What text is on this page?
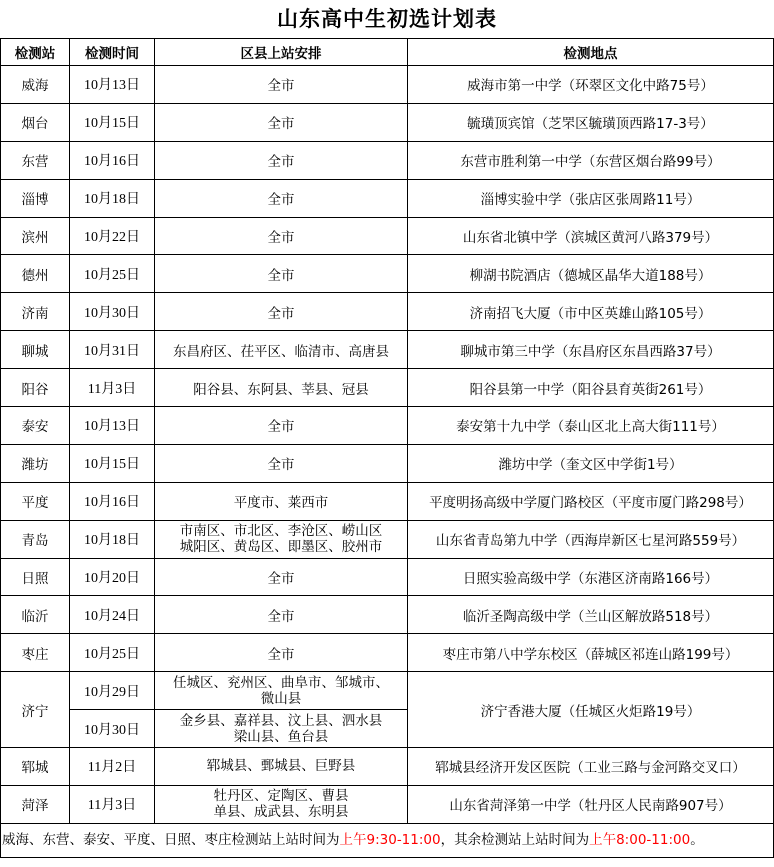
山东高中生初选计划表
检测站	检测时间	区县上站安排	检测地点
威海	10月13日	全市	威海市第一中学（环翠区文化中路75号）
烟台	10月15日	全市	毓璜顶宾馆（芝罘区毓璜顶西路17-3号）
东营	10月16日	全市	东营市胜利第一中学（东营区烟台路99号）
淄博	10月18日	全市	淄博实验中学（张店区张周路11号）
滨州	10月22日	全市	山东省北镇中学（滨城区黄河八路379号）
德州	10月25日	全市	柳湖书院酒店（德城区晶华大道188号）
济南	10月30日	全市	济南招飞大厦（市中区英雄山路105号）
聊城	10月31日	东昌府区、茌平区、临清市、高唐县	聊城市第三中学（东昌府区东昌西路37号）
阳谷	11月3日	阳谷县、东阿县、莘县、冠县	阳谷县第一中学（阳谷县育英街261号）
泰安	10月13日	全市	泰安第十九中学（泰山区北上高大街111号）
潍坊	10月15日	全市	潍坊中学（奎文区中学街1号）
平度	10月16日	平度市、莱西市	平度明扬高级中学厦门路校区（平度市厦门路298号）
青岛	10月18日	市南区、市北区、李沧区、崂山区
城阳区、黄岛区、即墨区、胶州市	山东省青岛第九中学（西海岸新区七星河路559号）
日照	10月20日	全市	日照实验高级中学（东港区济南路166号）
临沂	10月24日	全市	临沂圣陶高级中学（兰山区解放路518号）
枣庄	10月25日	全市	枣庄市第八中学东校区（薛城区祁连山路199号）
济宁	10月29日	任城区、兖州区、曲阜市、邹城市、
微山县	济宁香港大厦（任城区火炬路19号）
	10月30日	金乡县、嘉祥县、汶上县、泗水县
梁山县、鱼台县	

郓城	11月2日	郓城县、鄄城县、巨野县	郓城县经济开发区医院（工业三路与金河路交叉口）
菏泽	11月3日	牡丹区、定陶区、曹县
单县、成武县、东明县	山东省菏泽第一中学（牡丹区人民南路907号）
威海、东营、泰安、平度、日照、枣庄检测站上站时间为上午9:30-11:00，其余检测站上站时间为上午8:00-11:00。
